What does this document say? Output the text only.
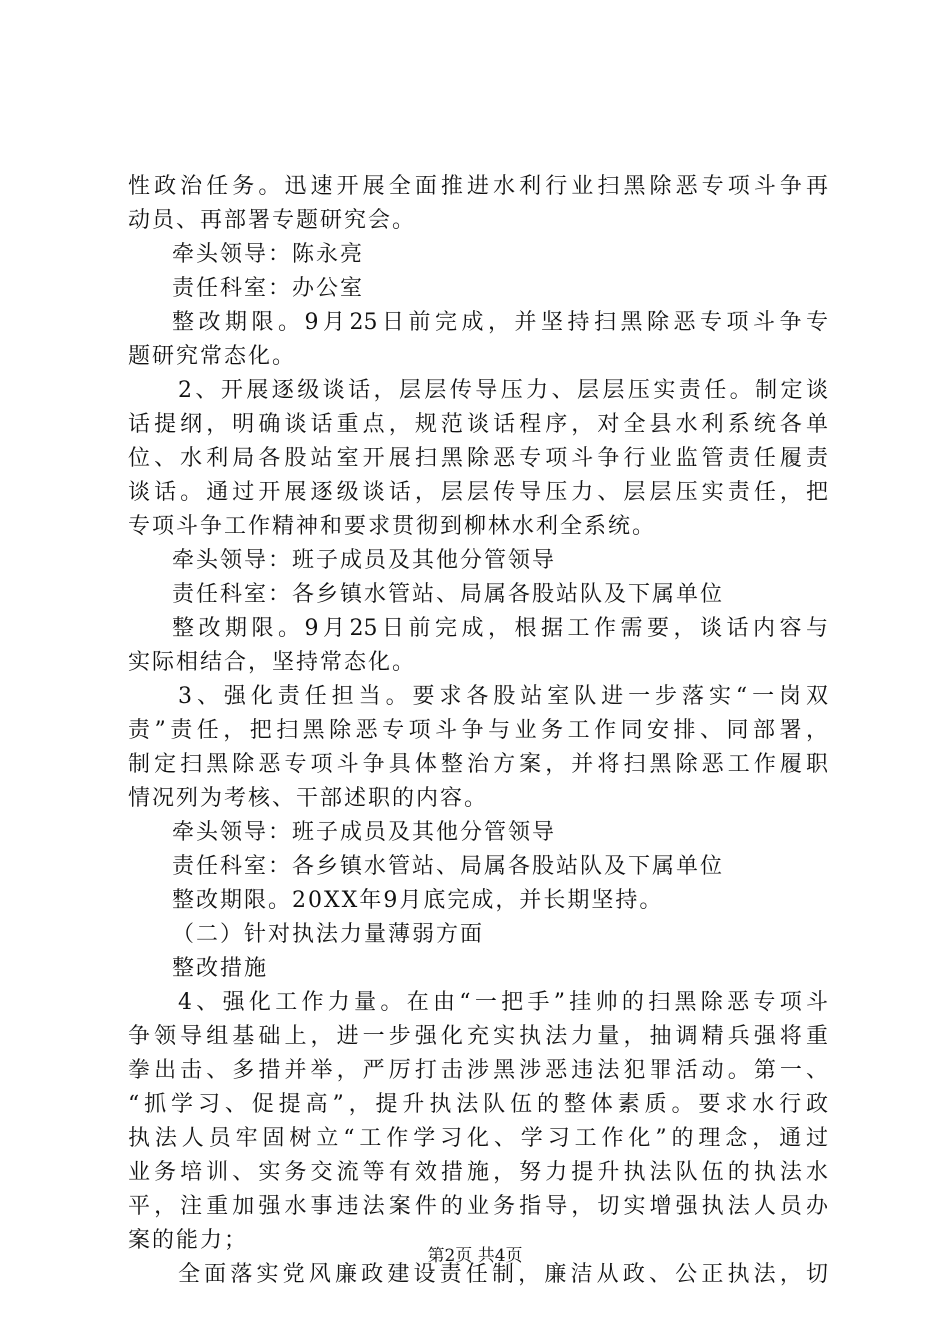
性政治任务。迅速开展全面推进水利行业扫黑除恶专项斗争再
动员、再部署专题研究会。
牵头领导：陈永亮
责任科室：办公室
整改期限。9月25日前完成，并坚持扫黑除恶专项斗争专
题研究常态化。
2、开展逐级谈话，层层传导压力、层层压实责任。制定谈
话提纲，明确谈话重点，规范谈话程序，对全县水利系统各单
位、水利局各股站室开展扫黑除恶专项斗争行业监管责任履责
谈话。通过开展逐级谈话，层层传导压力、层层压实责任，把
专项斗争工作精神和要求贯彻到柳林水利全系统。
牵头领导：班子成员及其他分管领导
责任科室：各乡镇水管站、局属各股站队及下属单位
整改期限。9月25日前完成，根据工作需要，谈话内容与
实际相结合，坚持常态化。
3、强化责任担当。要求各股站室队进一步落实“一岗双
责”责任，把扫黑除恶专项斗争与业务工作同安排、同部署，
制定扫黑除恶专项斗争具体整治方案，并将扫黑除恶工作履职
情况列为考核、干部述职的内容。
牵头领导：班子成员及其他分管领导
责任科室：各乡镇水管站、局属各股站队及下属单位
整改期限。20XX年9月底完成，并长期坚持。
（二）针对执法力量薄弱方面
整改措施
4、强化工作力量。在由“一把手”挂帅的扫黑除恶专项斗
争领导组基础上，进一步强化充实执法力量，抽调精兵强将重
拳出击、多措并举，严厉打击涉黑涉恶违法犯罪活动。第一、
“抓学习、促提高”，提升执法队伍的整体素质。要求水行政
执法人员牢固树立“工作学习化、学习工作化”的理念，通过
业务培训、实务交流等有效措施，努力提升执法队伍的执法水
平，注重加强水事违法案件的业务指导，切实增强执法人员办
案的能力；
全面落实党风廉政建设责任制，廉洁从政、公正执法，切
第2页 共4页
